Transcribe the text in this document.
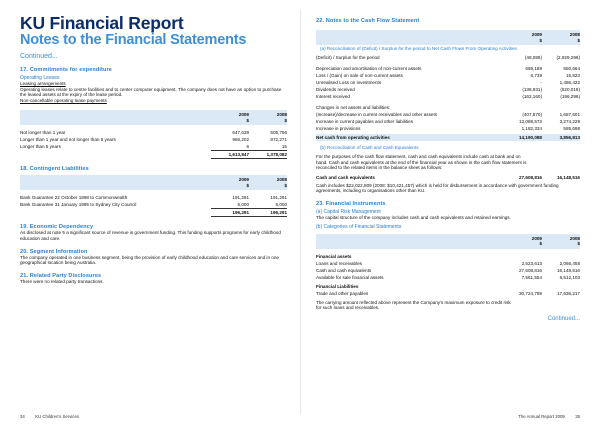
KU Financial Report
Notes to the Financial Statements
Continued...
17. Commitments for expenditure
Operating Leases
Leasing arrangements
Operating leases relate to centre facilities and to center computer equipment. The company does not have an option to purchase the leased assets at the expiry of the lease period.
Non-cancellable operating lease payments
2009
$
2008
$
Not longer than 1 year	647,639	505,796
Longer than 1 year and not longer than 5 years	966,202	872,271
Longer than 5 years	6	15
1,613,847	1,378,082
18. Contingent Liabilities
2009
$
2008
$
Bank Guarantee 22 October 1998 to Commonwealth	191,291	191,291
Bank Guarantee 31 January 1995 to Sydney City Council	5,000	5,000
196,291	196,291
19. Economic Dependency
As disclosed at note 5 a significant source of revenue is government funding. This funding supports programs for early childhood education and care.
20. Segment Information
The company operated in one business segment, being the provision of early childhood education and care services and in one geographical location being Australia.
21. Related Party Disclosures
There were no related party transactions.
34 KU Children's Services
22. Notes to the Cash Flow Statement
2009
$
2008
$
(a) Reconciliation of (Deficit) / Surplus for the period to Net Cash Flows From Operating Activities
(Deficit) / Surplus for the period	(48,086)	(2,929,296)
Depreciation and amortisation of non-current assets	669,189	550,664
Loss / (Gain) on sale of non-current assets	6,739	15,823
Unrealised Loss on investments	-	1,486,422
Dividends received	(138,931)	(620,018)
Interest received	(162,160)	(196,296)
Changes in net assets and liabilities:
(Increase)/decrease in current receivables and other assets	(407,570)	1,687,601
Increase in current payables and other liabilities	13,088,572	3,274,229
Increase in provisions	1,182,334	585,698
Net cash from operating activities	14,190,088	3,856,813
(b) Reconciliation of Cash and Cash Equivalents
For the purposes of the cash flow statement, cash and cash equivalents include cash at bank and on hand. Cash and cash equivalents at the end of the financial year as shown in the cash flow statement is reconciled to the related items in the balance sheet as follows:
Cash and cash equivalents	27,608,816	16,148,516
Cash includes $22,022,809 (2008: $10,421,457) which is held for disbursement in accordance with government funding agreements, including to organisations other than KU.
23. Financial Instruments
(a) Capital Risk Management
The capital structure of the company includes cash and cash equivalents and retained earnings.
(b) Categories of Financial Statements
2009
$
2008
$
Financial assets
Loans and receivables	2,523,613	2,066,458
Cash and cash equivalents	27,608,816	16,148,516
Available for sale financial assets	7,561,554	6,512,103
Financial Liabilities
Trade and other payables	30,724,789	17,636,217
The carrying amount reflected above represent the Company's maximum exposure to credit risk for such loans and receivables.
Continued...
The Annual Report 2009 35
